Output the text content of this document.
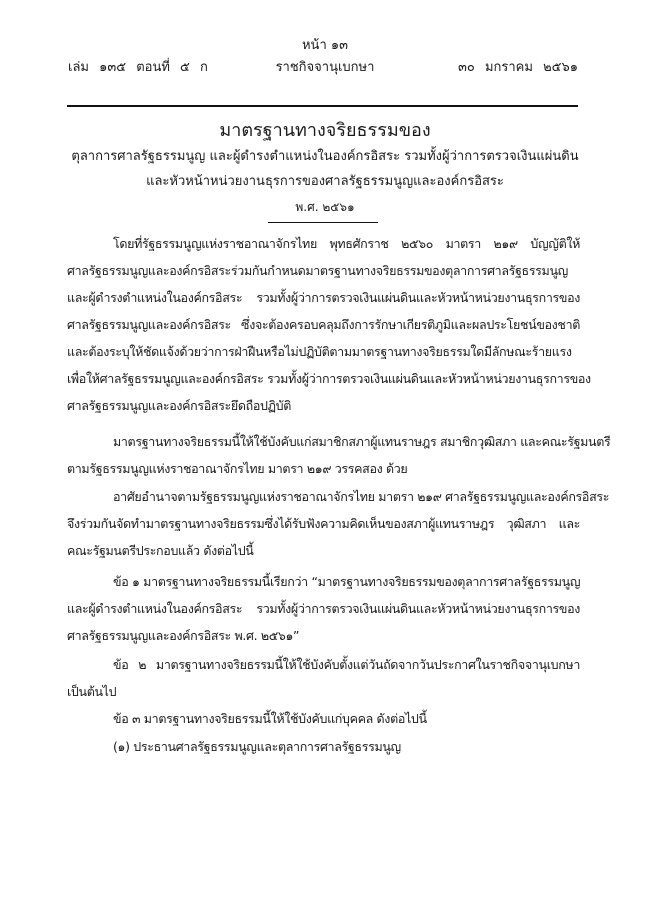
หน้า ๑๓
เล่ม ๑๓๕ ตอนที่ ๕ ก	ราชกิจจานุเบกษา	๓๐ มกราคม ๒๕๖๑
มาตรฐานทางจริยธรรมของ
ตุลาการศาลรัฐธรรมนูญ และผู้ดำรงตำแหน่งในองค์กรอิสระ รวมทั้งผู้ว่าการตรวจเงินแผ่นดิน
และหัวหน้าหน่วยงานธุรการของศาลรัฐธรรมนูญและองค์กรอิสระ
พ.ศ. ๒๕๖๑
โดยที่รัฐธรรมนูญแห่งราชอาณาจักรไทย พุทธศักราช ๒๕๖๐ มาตรา ๒๑๙ บัญญัติให้
ศาลรัฐธรรมนูญและองค์กรอิสระร่วมกันกำหนดมาตรฐานทางจริยธรรมของตุลาการศาลรัฐธรรมนูญ
และผู้ดำรงตำแหน่งในองค์กรอิสระ รวมทั้งผู้ว่าการตรวจเงินแผ่นดินและหัวหน้าหน่วยงานธุรการของ
ศาลรัฐธรรมนูญและองค์กรอิสระ ซึ่งจะต้องครอบคลุมถึงการรักษาเกียรติภูมิและผลประโยชน์ของชาติ
และต้องระบุให้ชัดแจ้งด้วยว่าการฝ่าฝืนหรือไม่ปฏิบัติตามมาตรฐานทางจริยธรรมใดมีลักษณะร้ายแรง
เพื่อให้ศาลรัฐธรรมนูญและองค์กรอิสระ รวมทั้งผู้ว่าการตรวจเงินแผ่นดินและหัวหน้าหน่วยงานธุรการของ
ศาลรัฐธรรมนูญและองค์กรอิสระยึดถือปฏิบัติ
มาตรฐานทางจริยธรรมนี้ให้ใช้บังคับแก่สมาชิกสภาผู้แทนราษฎร สมาชิกวุฒิสภา และคณะรัฐมนตรี
ตามรัฐธรรมนูญแห่งราชอาณาจักรไทย มาตรา ๒๑๙ วรรคสอง ด้วย
อาศัยอำนาจตามรัฐธรรมนูญแห่งราชอาณาจักรไทย มาตรา ๒๑๙ ศาลรัฐธรรมนูญและองค์กรอิสระ
จึงร่วมกันจัดทำมาตรฐานทางจริยธรรมซึ่งได้รับฟังความคิดเห็นของสภาผู้แทนราษฎร วุฒิสภา และ
คณะรัฐมนตรีประกอบแล้ว ดังต่อไปนี้
ข้อ ๑ มาตรฐานทางจริยธรรมนี้เรียกว่า “มาตรฐานทางจริยธรรมของตุลาการศาลรัฐธรรมนูญ
และผู้ดำรงตำแหน่งในองค์กรอิสระ รวมทั้งผู้ว่าการตรวจเงินแผ่นดินและหัวหน้าหน่วยงานธุรการของ
ศาลรัฐธรรมนูญและองค์กรอิสระ พ.ศ. ๒๕๖๑”
ข้อ ๒ มาตรฐานทางจริยธรรมนี้ให้ใช้บังคับตั้งแต่วันถัดจากวันประกาศในราชกิจจานุเบกษา
เป็นต้นไป
ข้อ ๓ มาตรฐานทางจริยธรรมนี้ให้ใช้บังคับแก่บุคคล ดังต่อไปนี้
(๑) ประธานศาลรัฐธรรมนูญและตุลาการศาลรัฐธรรมนูญ
